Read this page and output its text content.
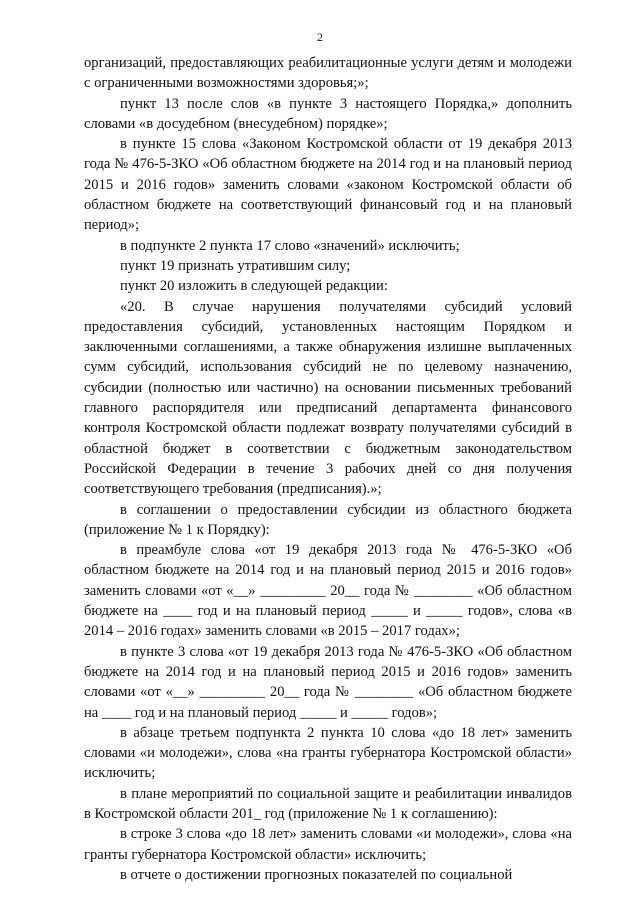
2

организаций, предоставляющих реабилитационные услуги детям и молодежи с ограниченными возможностями здоровья;»;

пункт 13 после слов «в пункте 3 настоящего Порядка,» дополнить словами «в досудебном (внесудебном) порядке»;

в пункте 15 слова «Законом Костромской области от 19 декабря 2013 года № 476-5-ЗКО «Об областном бюджете на 2014 год и на плановый период 2015 и 2016 годов» заменить словами «законом Костромской области об областном бюджете на соответствующий финансовый год и на плановый период»;

в подпункте 2 пункта 17 слово «значений» исключить;

пункт 19 признать утратившим силу;

пункт 20 изложить в следующей редакции:

«20. В случае нарушения получателями субсидий условий предоставления субсидий, установленных настоящим Порядком и заключенными соглашениями, а также обнаружения излишне выплаченных сумм субсидий, использования субсидий не по целевому назначению, субсидии (полностью или частично) на основании письменных требований главного распорядителя или предписаний департамента финансового контроля Костромской области подлежат возврату получателями субсидий в областной бюджет в соответствии с бюджетным законодательством Российской Федерации в течение 3 рабочих дней со дня получения соответствующего требования (предписания).»;

в соглашении о предоставлении субсидии из областного бюджета (приложение № 1 к Порядку):

в преамбуле слова «от 19 декабря 2013 года № 476-5-ЗКО «Об областном бюджете на 2014 год и на плановый период 2015 и 2016 годов» заменить словами «от «__» _________ 20__ года № ________ «Об областном бюджете на ____ год и на плановый период _____ и _____ годов», слова «в 2014 – 2016 годах» заменить словами «в 2015 – 2017 годах»;

в пункте 3 слова «от 19 декабря 2013 года № 476-5-ЗКО «Об областном бюджете на 2014 год и на плановый период 2015 и 2016 годов» заменить словами «от «__» _________ 20__ года № ________ «Об областном бюджете на ____ год и на плановый период _____ и _____ годов»;

в абзаце третьем подпункта 2 пункта 10 слова «до 18 лет» заменить словами «и молодежи», слова «на гранты губернатора Костромской области» исключить;

в плане мероприятий по социальной защите и реабилитации инвалидов в Костромской области 201_ год (приложение № 1 к соглашению):

в строке 3 слова «до 18 лет» заменить словами «и молодежи», слова «на гранты губернатора Костромской области» исключить;

в отчете о достижении прогнозных показателей по социальной
